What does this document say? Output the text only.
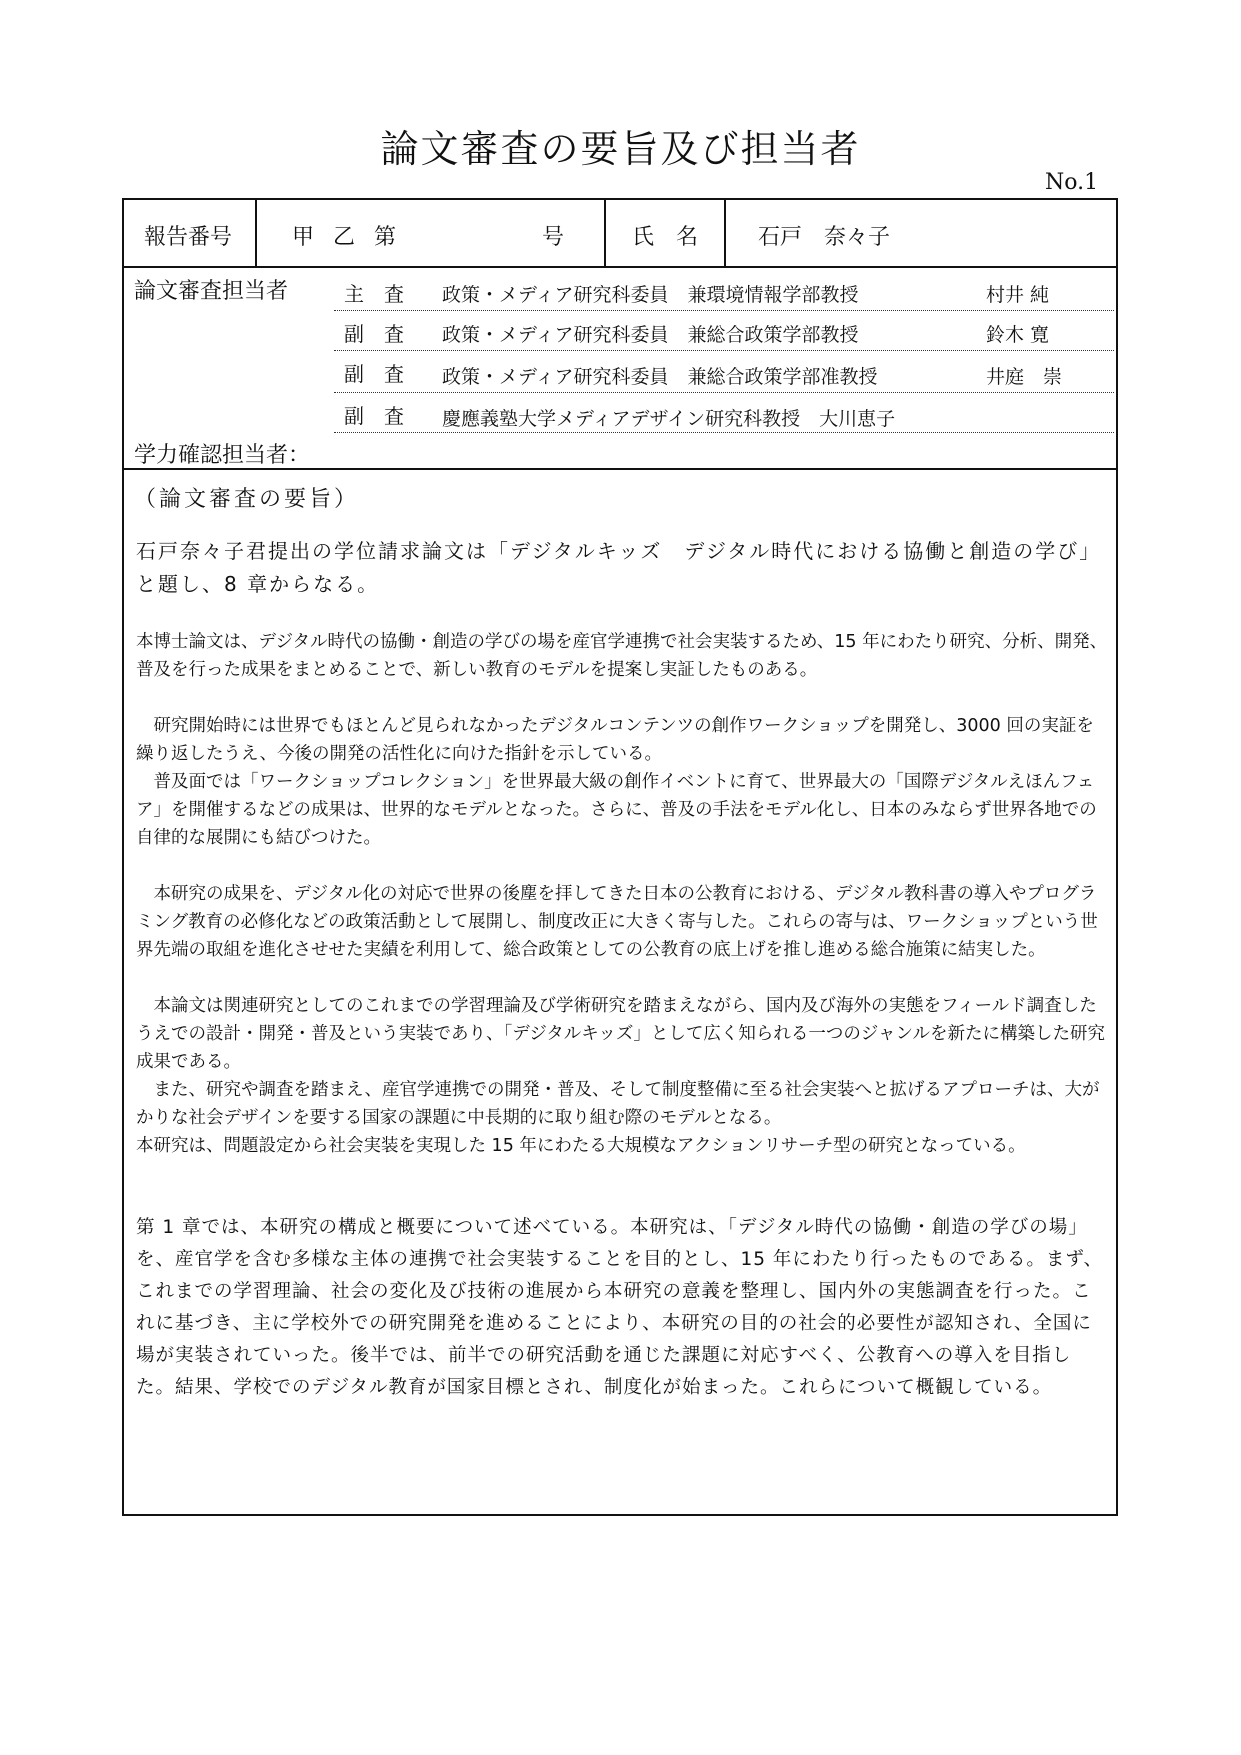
論文審査の要旨及び担当者
No.1
報告番号	甲 乙 第　　　　　号	氏　名	石戸　奈々子
論文審査担当者	主　査 政策・メディア研究科委員　兼環境情報学部教授	村井 純
副　査 政策・メディア研究科委員　兼総合政策学部教授	鈴木 寛
副　査 政策・メディア研究科委員　兼総合政策学部准教授	井庭　崇
副　査 慶應義塾大学メディアデザイン研究科教授　大川恵子
学力確認担当者：
（論文審査の要旨）
石戸奈々子君提出の学位請求論文は「デジタルキッズ　デジタル時代における協働と創造の学び」と題し、8 章からなる。

本博士論文は、デジタル時代の協働・創造の学びの場を産官学連携で社会実装するため、15 年にわたり研究、分析、開発、普及を行った成果をまとめることで、新しい教育のモデルを提案し実証したものある。

　研究開始時には世界でもほとんど見られなかったデジタルコンテンツの創作ワークショップを開発し、3000 回の実証を繰り返したうえ、今後の開発の活性化に向けた指針を示している。

　普及面では「ワークショップコレクション」を世界最大級の創作イベントに育て、世界最大の「国際デジタルえほんフェア」を開催するなどの成果は、世界的なモデルとなった。さらに、普及の手法をモデル化し、日本のみならず世界各地での自律的な展開にも結びつけた。

　本研究の成果を、デジタル化の対応で世界の後塵を拝してきた日本の公教育における、デジタル教科書の導入やプログラミング教育の必修化などの政策活動として展開し、制度改正に大きく寄与した。これらの寄与は、ワークショップという世界先端の取組を進化させせた実績を利用して、総合政策としての公教育の底上げを推し進める総合施策に結実した。

　本論文は関連研究としてのこれまでの学習理論及び学術研究を踏まえながら、国内及び海外の実態をフィールド調査したうえでの設計・開発・普及という実装であり、「デジタルキッズ」として広く知られる一つのジャンルを新たに構築した研究成果である。

　また、研究や調査を踏まえ、産官学連携での開発・普及、そして制度整備に至る社会実装へと拡げるアプローチは、大がかりな社会デザインを要する国家の課題に中長期的に取り組む際のモデルとなる。

本研究は、問題設定から社会実装を実現した 15 年にわたる大規模なアクションリサーチ型の研究となっている。

第 1 章では、本研究の構成と概要について述べている。本研究は、「デジタル時代の協働・創造の学びの場」を、産官学を含む多様な主体の連携で社会実装することを目的とし、15 年にわたり行ったものである。まず、これまでの学習理論、社会の変化及び技術の進展から本研究の意義を整理し、国内外の実態調査を行った。これに基づき、主に学校外での研究開発を進めることにより、本研究の目的の社会的必要性が認知され、全国に場が実装されていった。後半では、前半での研究活動を通じた課題に対応すべく、公教育への導入を目指した。結果、学校でのデジタル教育が国家目標とされ、制度化が始まった。これらについて概観している。
